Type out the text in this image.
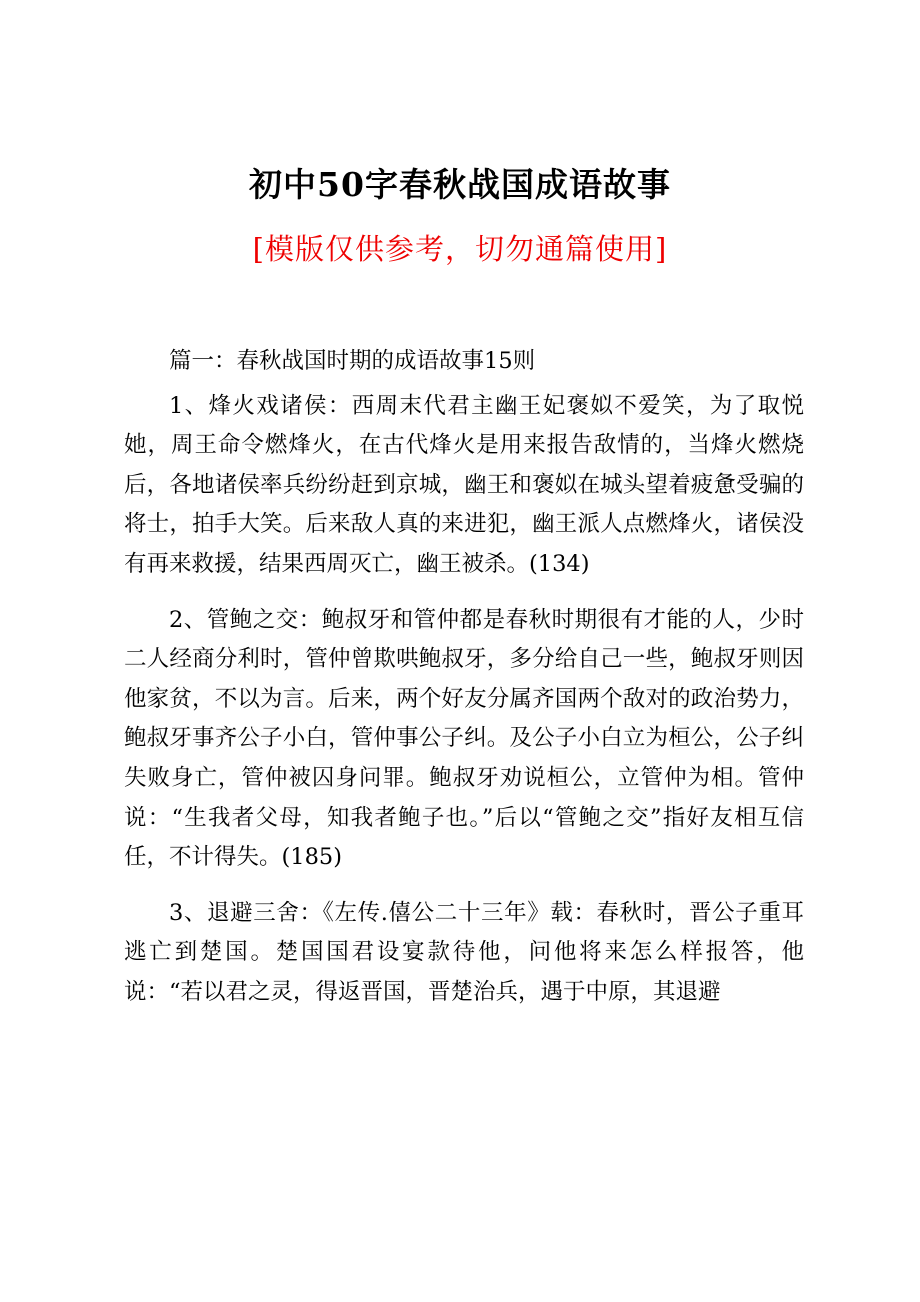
初中50字春秋战国成语故事
[模版仅供参考，切勿通篇使用]

篇一：春秋战国时期的成语故事15则

1、烽火戏诸侯：西周末代君主幽王妃褒姒不爱笑，为了取悦她，周王命令燃烽火，在古代烽火是用来报告敌情的，当烽火燃烧后，各地诸侯率兵纷纷赶到京城，幽王和褒姒在城头望着疲惫受骗的将士，拍手大笑。后来敌人真的来进犯，幽王派人点燃烽火，诸侯没有再来救援，结果西周灭亡，幽王被杀。(134)

2、管鲍之交：鲍叔牙和管仲都是春秋时期很有才能的人，少时二人经商分利时，管仲曾欺哄鲍叔牙，多分给自己一些，鲍叔牙则因他家贫，不以为言。后来，两个好友分属齐国两个敌对的政治势力，鲍叔牙事齐公子小白，管仲事公子纠。及公子小白立为桓公，公子纠失败身亡，管仲被囚身问罪。鲍叔牙劝说桓公，立管仲为相。管仲说：“生我者父母，知我者鲍子也。”后以“管鲍之交”指好友相互信任，不计得失。(185)

3、退避三舍：《左传.僖公二十三年》载：春秋时，晋公子重耳逃亡到楚国。楚国国君设宴款待他，问他将来怎么样报答，他说：“若以君之灵，得返晋国，晋楚治兵，遇于中原，其退避
